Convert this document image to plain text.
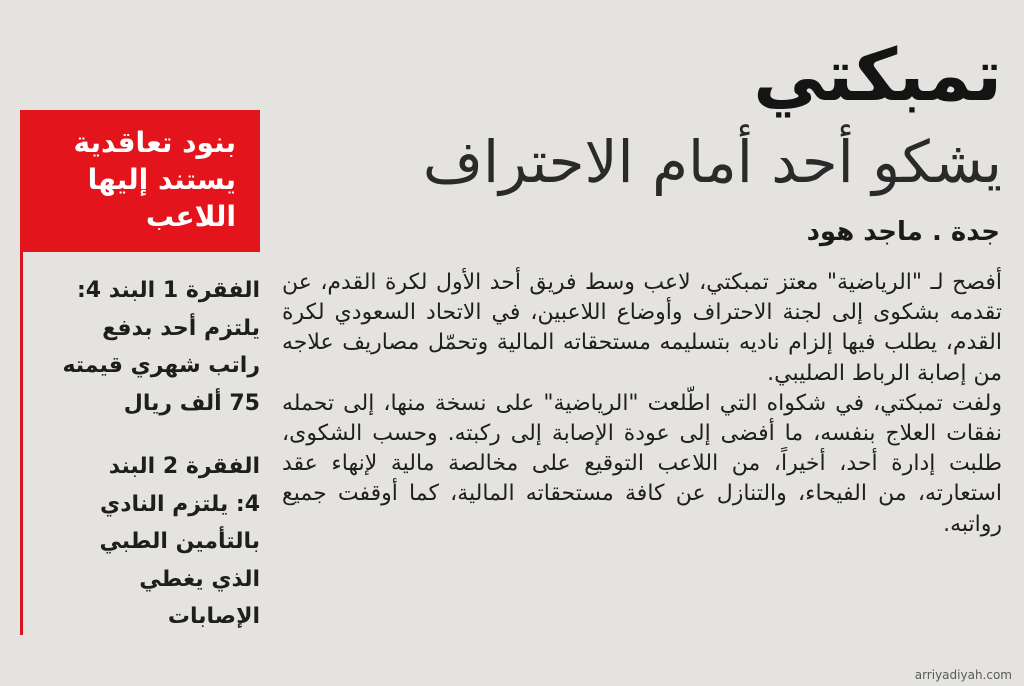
تمبكتي
يشكو أحد أمام الاحتراف
جدة . ماجد هود

أفصح لـ "الرياضية" معتز تمبكتي، لاعب وسط فريق أحد الأول لكرة القدم، عن تقدمه بشكوى إلى لجنة الاحتراف وأوضاع اللاعبين، في الاتحاد السعودي لكرة القدم، يطلب فيها إلزام ناديه بتسليمه مستحقاته المالية وتحمّل مصاريف علاجه من إصابة الرباط الصليبي.

ولفت تمبكتي، في شكواه التي اطّلعت "الرياضية" على نسخة منها، إلى تحمله نفقات العلاج بنفسه، ما أفضى إلى عودة الإصابة إلى ركبته. وحسب الشكوى، طلبت إدارة أحد، أخيراً، من اللاعب التوقيع على مخالصة مالية لإنهاء عقد استعارته، من الفيحاء، والتنازل عن كافة مستحقاته المالية، كما أوقفت جميع رواتبه.

بنود تعاقدية
يستند إليها
اللاعب
الفقرة 1 البند 4:
يلتزم أحد بدفع
راتب شهري قيمته
75 ألف ريال
الفقرة 2 البند
4: يلتزم النادي
بالتأمين الطبي
الذي يغطي
الإصابات
arriyadiyah.com
